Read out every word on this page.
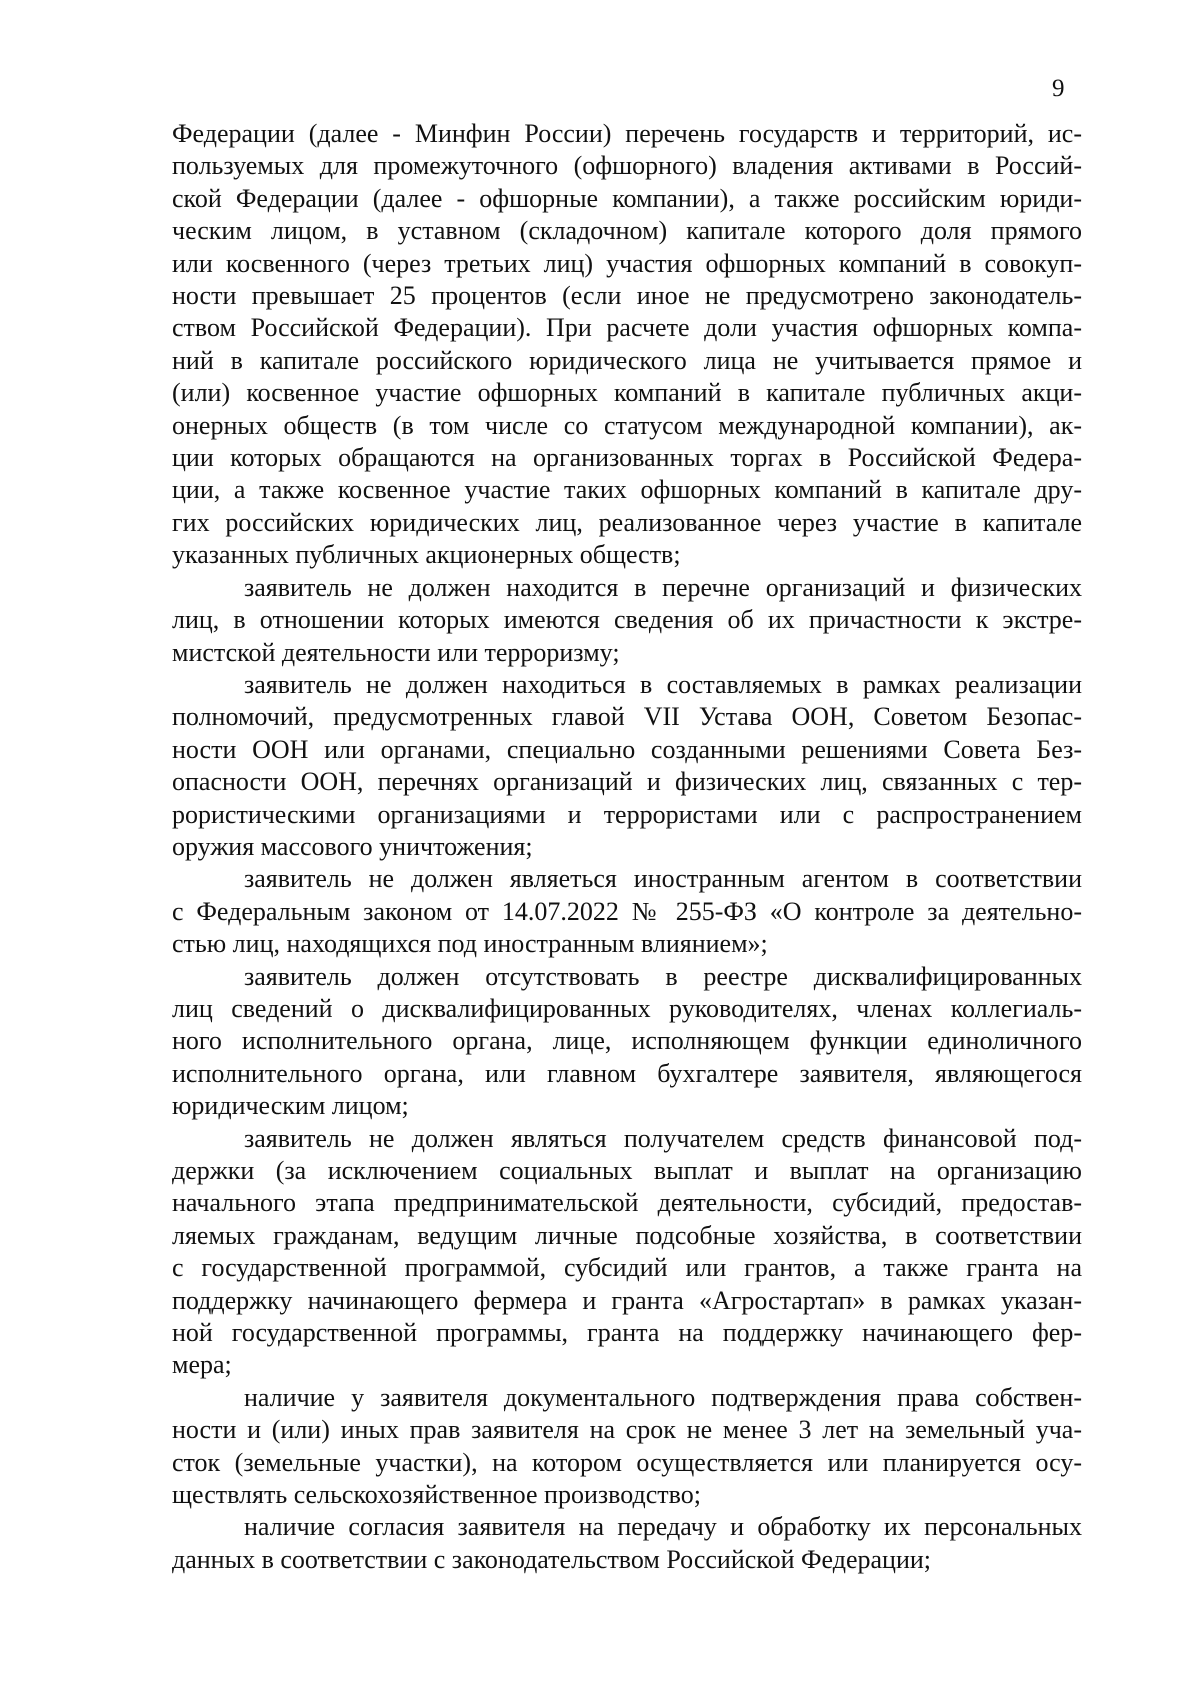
9

Федерации (далее - Минфин России) перечень государств и территорий, ис-
пользуемых для промежуточного (офшорного) владения активами в Россий-
ской Федерации (далее - офшорные компании), а также российским юриди-
ческим лицом, в уставном (складочном) капитале которого доля прямого
или косвенного (через третьих лиц) участия офшорных компаний в совокуп-
ности превышает 25 процентов (если иное не предусмотрено законодатель-
ством Российской Федерации). При расчете доли участия офшорных компа-
ний в капитале российского юридического лица не учитывается прямое и
(или) косвенное участие офшорных компаний в капитале публичных акци-
онерных обществ (в том числе со статусом международной компании), ак-
ции которых обращаются на организованных торгах в Российской Федера-
ции, а также косвенное участие таких офшорных компаний в капитале дру-
гих российских юридических лиц, реализованное через участие в капитале
указанных публичных акционерных обществ;

заявитель не должен находится в перечне организаций и физических
лиц, в отношении которых имеются сведения об их причастности к экстре-
мистской деятельности или терроризму;

заявитель не должен находиться в составляемых в рамках реализации
полномочий, предусмотренных главой VII Устава ООН, Советом Безопас-
ности ООН или органами, специально созданными решениями Совета Без-
опасности ООН, перечнях организаций и физических лиц, связанных с тер-
рористическими организациями и террористами или с распространением
оружия массового уничтожения;

заявитель не должен являеться иностранным агентом в соответствии
с Федеральным законом от 14.07.2022 № 255-ФЗ «О контроле за деятельно-
стью лиц, находящихся под иностранным влиянием»;

заявитель должен отсутствовать в реестре дисквалифицированных
лиц сведений о дисквалифицированных руководителях, членах коллегиаль-
ного исполнительного органа, лице, исполняющем функции единоличного
исполнительного органа, или главном бухгалтере заявителя, являющегося
юридическим лицом;

заявитель не должен являться получателем средств финансовой под-
держки (за исключением социальных выплат и выплат на организацию
начального этапа предпринимательской деятельности, субсидий, предостав-
ляемых гражданам, ведущим личные подсобные хозяйства, в соответствии
с государственной программой, субсидий или грантов, а также гранта на
поддержку начинающего фермера и гранта «Агростартап» в рамках указан-
ной государственной программы, гранта на поддержку начинающего фер-
мера;

наличие у заявителя документального подтверждения права собствен-
ности и (или) иных прав заявителя на срок не менее 3 лет на земельный уча-
сток (земельные участки), на котором осуществляется или планируется осу-
ществлять сельскохозяйственное производство;

наличие согласия заявителя на передачу и обработку их персональных
данных в соответствии с законодательством Российской Федерации;
